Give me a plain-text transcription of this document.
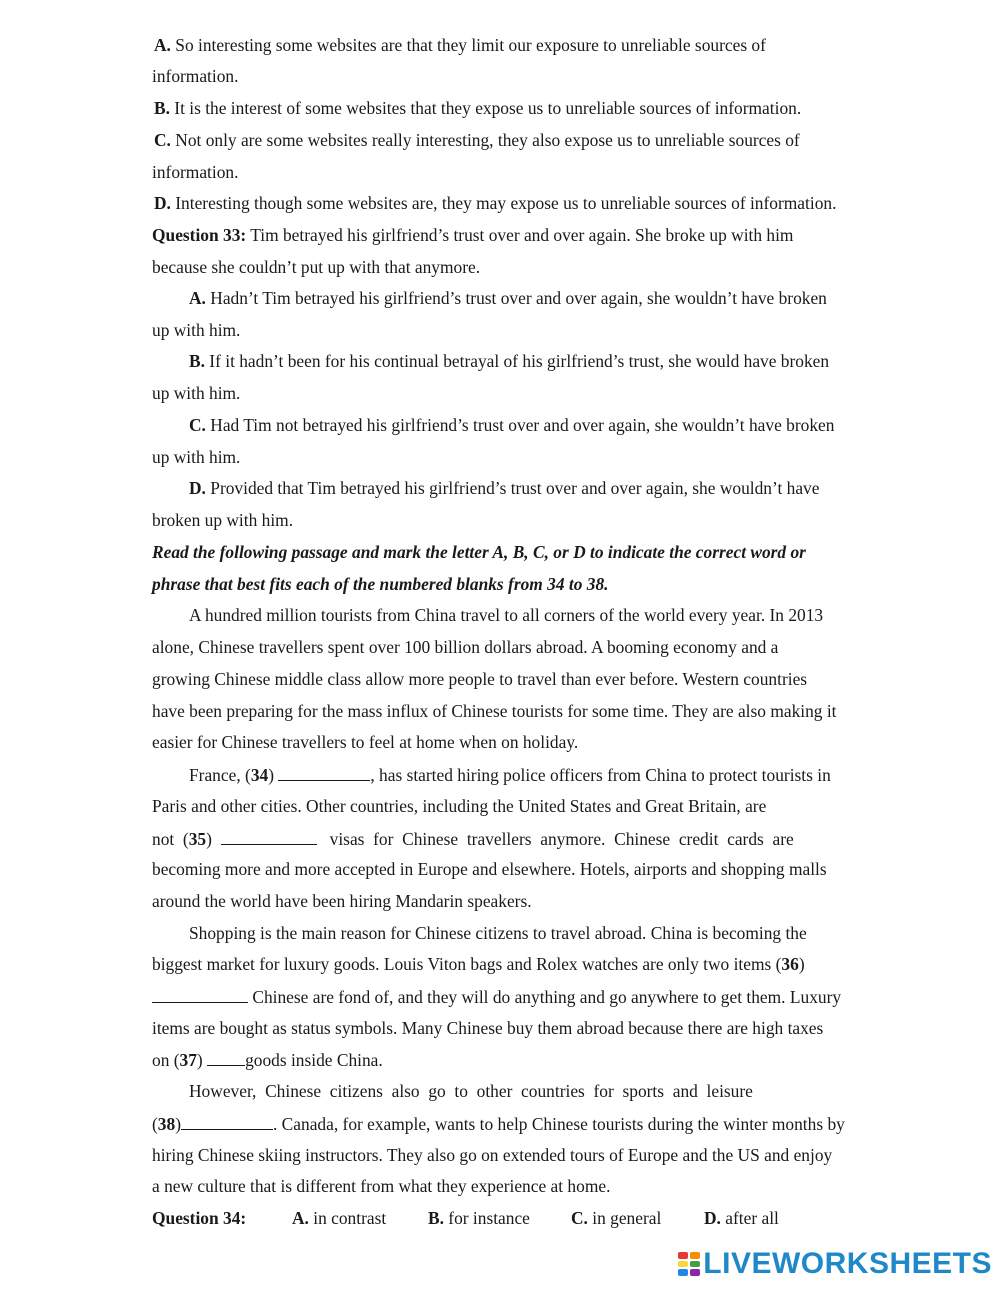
A. So interesting some websites are that they limit our exposure to unreliable sources of
information.
B. It is the interest of some websites that they expose us to unreliable sources of information.
C. Not only are some websites really interesting, they also expose us to unreliable sources of
information.
D. Interesting though some websites are, they may expose us to unreliable sources of information.
Question 33: Tim betrayed his girlfriend’s trust over and over again. She broke up with him
because she couldn’t put up with that anymore.
A. Hadn’t Tim betrayed his girlfriend’s trust over and over again, she wouldn’t have broken
up with him.
B. If it hadn’t been for his continual betrayal of his girlfriend’s trust, she would have broken
up with him.
C. Had Tim not betrayed his girlfriend’s trust over and over again, she wouldn’t have broken
up with him.
D. Provided that Tim betrayed his girlfriend’s trust over and over again, she wouldn’t have
broken up with him.
Read the following passage and mark the letter A, B, C, or D to indicate the correct word or
phrase that best fits each of the numbered blanks from 34 to 38.
A hundred million tourists from China travel to all corners of the world every year. In 2013
alone, Chinese travellers spent over 100 billion dollars abroad. A booming economy and a
growing Chinese middle class allow more people to travel than ever before. Western countries
have been preparing for the mass influx of Chinese tourists for some time. They are also making it
easier for Chinese travellers to feel at home when on holiday.
France, (34)	, has started hiring police officers from China to protect tourists in
Paris and other cities. Other countries, including the United States and Great Britain, are
not  (35)	visas  for  Chinese  travellers  anymore.  Chinese  credit  cards  are
becoming more and more accepted in Europe and elsewhere. Hotels, airports and shopping malls
around the world have been hiring Mandarin speakers.
Shopping is the main reason for Chinese citizens to travel abroad. China is becoming the
biggest market for luxury goods. Louis Viton bags and Rolex watches are only two items (36)
Chinese are fond of, and they will do anything and go anywhere to get them. Luxury
items are bought as status symbols. Many Chinese buy them abroad because there are high taxes
on (37) goods inside China.
However,  Chinese  citizens  also  go  to  other  countries  for  sports  and  leisure
(38)	. Canada, for example, wants to help Chinese tourists during the winter months by
hiring Chinese skiing instructors. They also go on extended tours of Europe and the US and enjoy
a new culture that is different from what they experience at home.
Question 34:	A. in contrast B. for instance C. in general D. after all
LIVEWORKSHEETS
